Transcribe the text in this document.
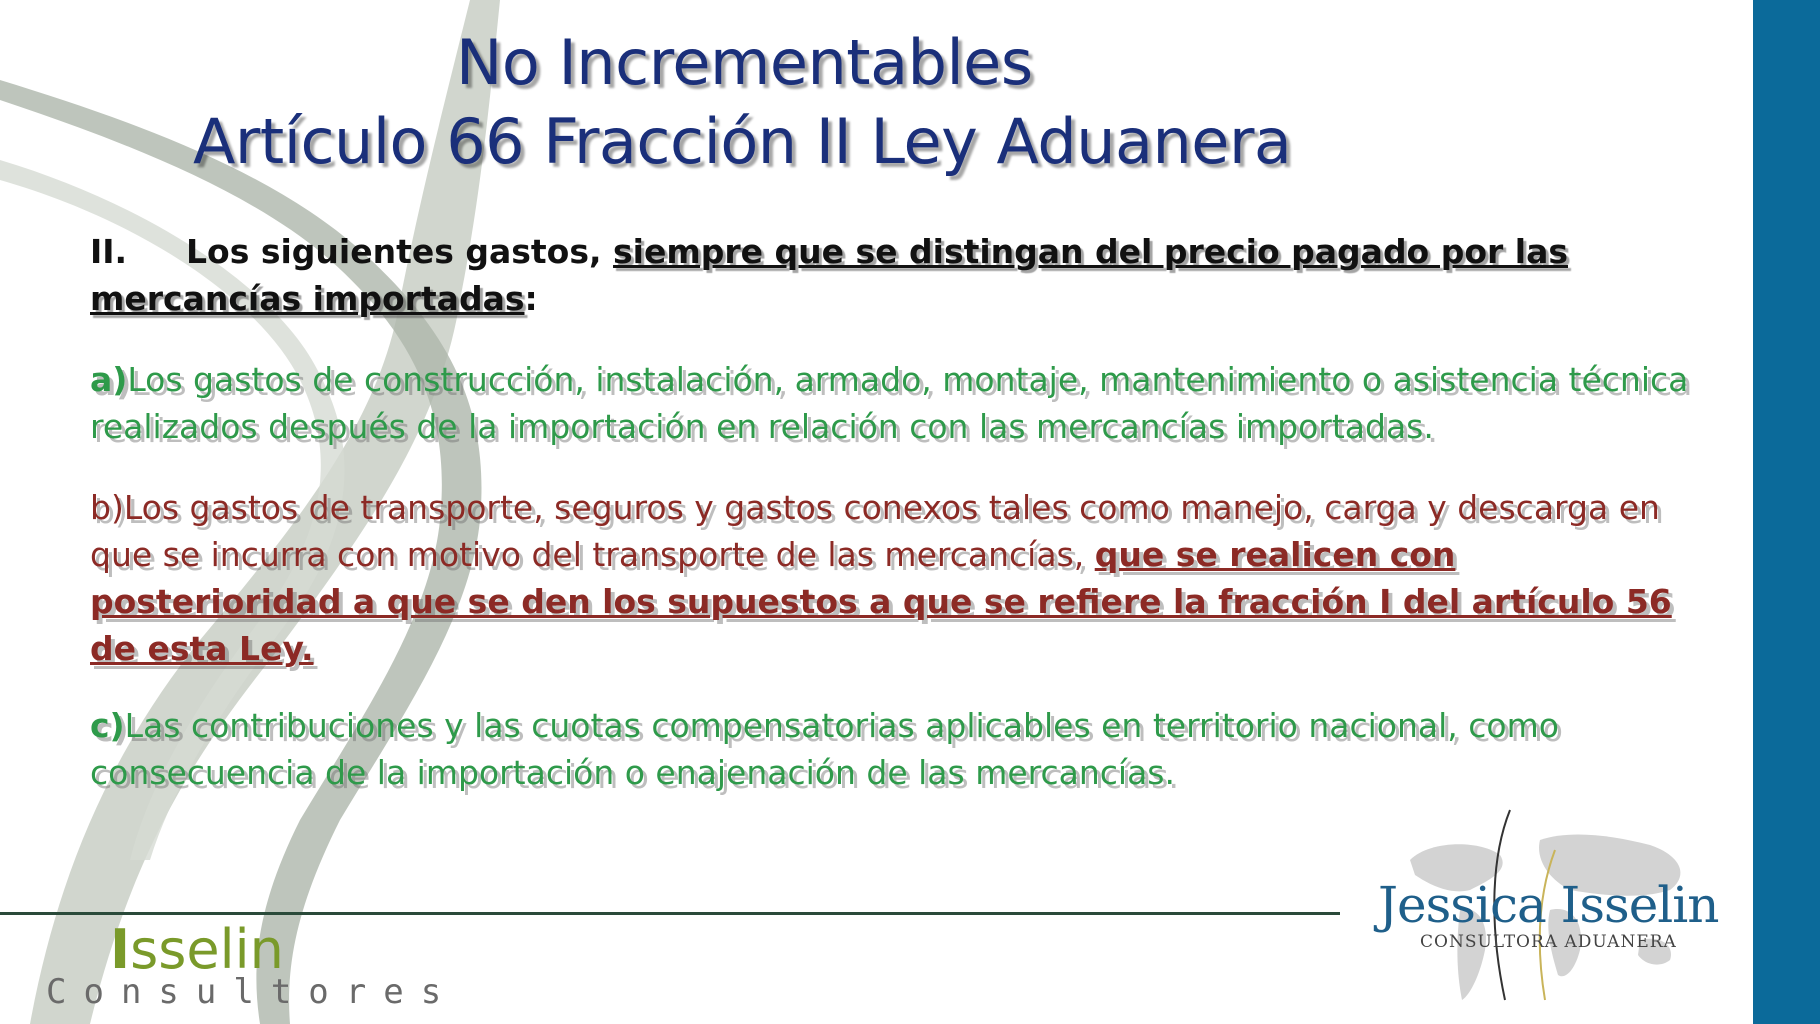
No Incrementables
Artículo 66 Fracción II Ley Aduanera
II. Los siguientes gastos, siempre que se distingan del precio pagado por las mercancías importadas:
a)Los gastos de construcción, instalación, armado, montaje, mantenimiento o asistencia técnica realizados después de la importación en relación con las mercancías importadas.
b)Los gastos de transporte, seguros y gastos conexos tales como manejo, carga y descarga en que se incurra con motivo del transporte de las mercancías, que se realicen con posterioridad a que se den los supuestos a que se refiere la fracción I del artículo 56 de esta Ley.
c)Las contribuciones y las cuotas compensatorias aplicables en territorio nacional, como consecuencia de la importación o enajenación de las mercancías.
Isselin
Consultores
Jessica Isselin
CONSULTORA ADUANERA
